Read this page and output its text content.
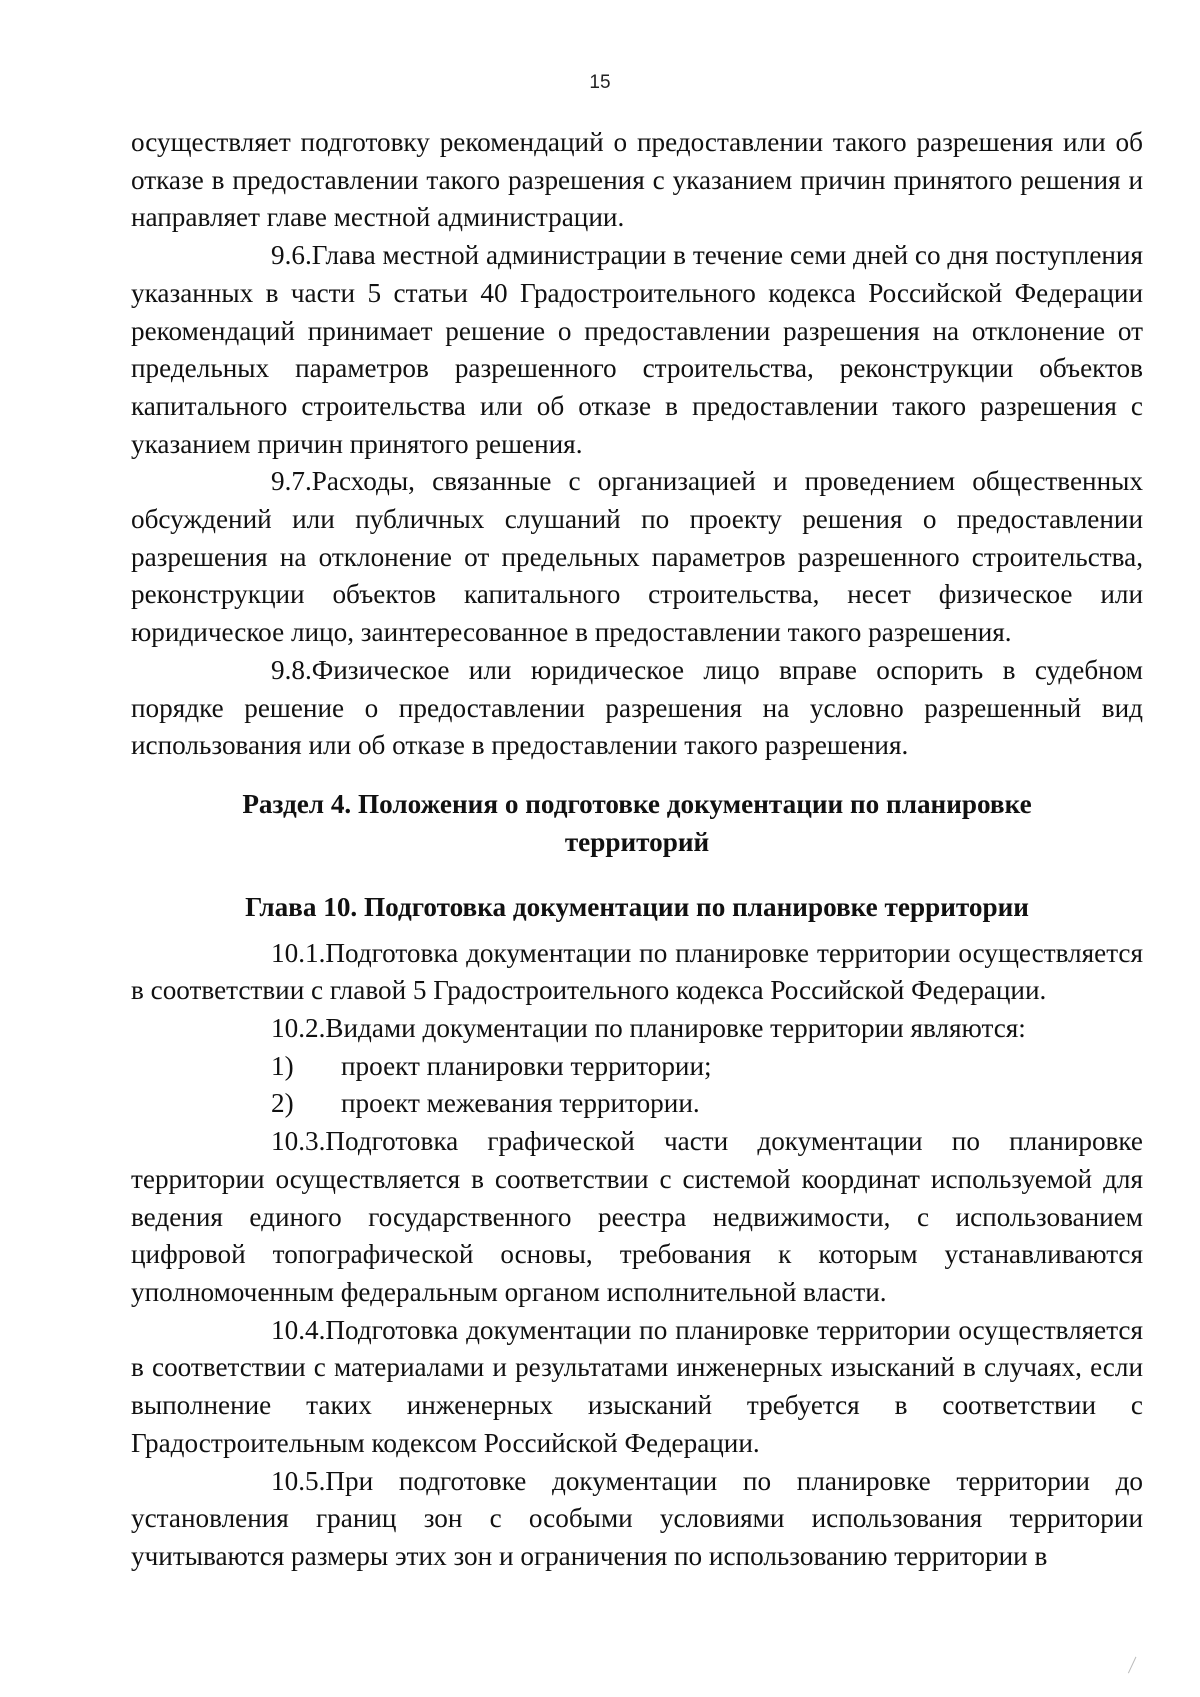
15

осуществляет подготовку рекомендаций о предоставлении такого разрешения или об отказе в предоставлении такого разрешения с указанием причин принятого решения и направляет главе местной администрации.

9.6.Глава местной администрации в течение семи дней со дня поступления указанных в части 5 статьи 40 Градостроительного кодекса Российской Федерации рекомендаций принимает решение о предоставлении разрешения на отклонение от предельных параметров разрешенного строительства, реконструкции объектов капитального строительства или об отказе в предоставлении такого разрешения с указанием причин принятого решения.

9.7.Расходы, связанные с организацией и проведением общественных обсуждений или публичных слушаний по проекту решения о предоставлении разрешения на отклонение от предельных параметров разрешенного строительства, реконструкции объектов капитального строительства, несет физическое или юридическое лицо, заинтересованное в предоставлении такого разрешения.

9.8.Физическое или юридическое лицо вправе оспорить в судебном порядке решение о предоставлении разрешения на условно разрешенный вид использования или об отказе в предоставлении такого разрешения.

Раздел 4. Положения о подготовке документации по планировке
территорий

Глава 10. Подготовка документации по планировке территории

10.1.Подготовка документации по планировке территории осуществляется в соответствии с главой 5 Градостроительного кодекса Российской Федерации.

10.2.Видами документации по планировке территории являются:

1) проект планировки территории;

2) проект межевания территории.

10.3.Подготовка графической части документации по планировке территории осуществляется в соответствии с системой координат используемой для ведения единого государственного реестра недвижимости, с использованием цифровой топографической основы, требования к которым устанавливаются уполномоченным федеральным органом исполнительной власти.

10.4.Подготовка документации по планировке территории осуществляется в соответствии с материалами и результатами инженерных изысканий в случаях, если выполнение таких инженерных изысканий требуется в соответствии с Градостроительным кодексом Российской Федерации.

10.5.При подготовке документации по планировке территории до установления границ зон с особыми условиями использования территории учитываются размеры этих зон и ограничения по использованию территории в
